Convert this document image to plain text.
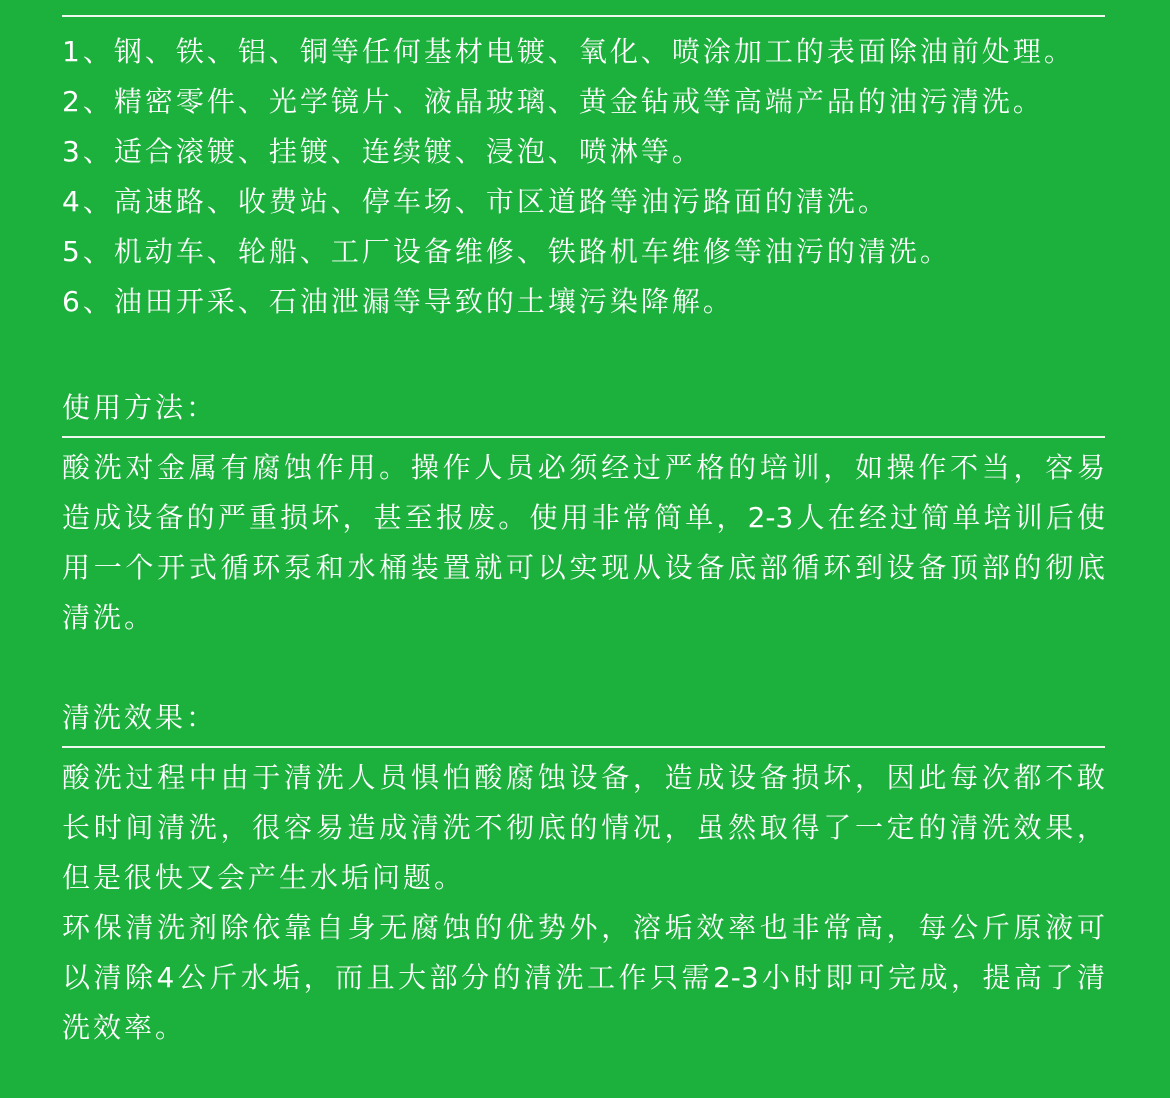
1、钢、铁、铝、铜等任何基材电镀、氧化、喷涂加工的表面除油前处理。
2、精密零件、光学镜片、液晶玻璃、黄金钻戒等高端产品的油污清洗。
3、适合滚镀、挂镀、连续镀、浸泡、喷淋等。
4、高速路、收费站、停车场、市区道路等油污路面的清洗。
5、机动车、轮船、工厂设备维修、铁路机车维修等油污的清洗。
6、油田开采、石油泄漏等导致的土壤污染降解。
使用方法：
酸洗对金属有腐蚀作用。操作人员必须经过严格的培训，如操作不当，容易
造成设备的严重损坏，甚至报废。使用非常简单，2-3人在经过简单培训后使
用一个开式循环泵和水桶装置就可以实现从设备底部循环到设备顶部的彻底
清洗。
清洗效果：
酸洗过程中由于清洗人员惧怕酸腐蚀设备，造成设备损坏，因此每次都不敢
长时间清洗，很容易造成清洗不彻底的情况，虽然取得了一定的清洗效果，
但是很快又会产生水垢问题。
环保清洗剂除依靠自身无腐蚀的优势外，溶垢效率也非常高，每公斤原液可
以清除4公斤水垢，而且大部分的清洗工作只需2-3小时即可完成，提高了清
洗效率。
